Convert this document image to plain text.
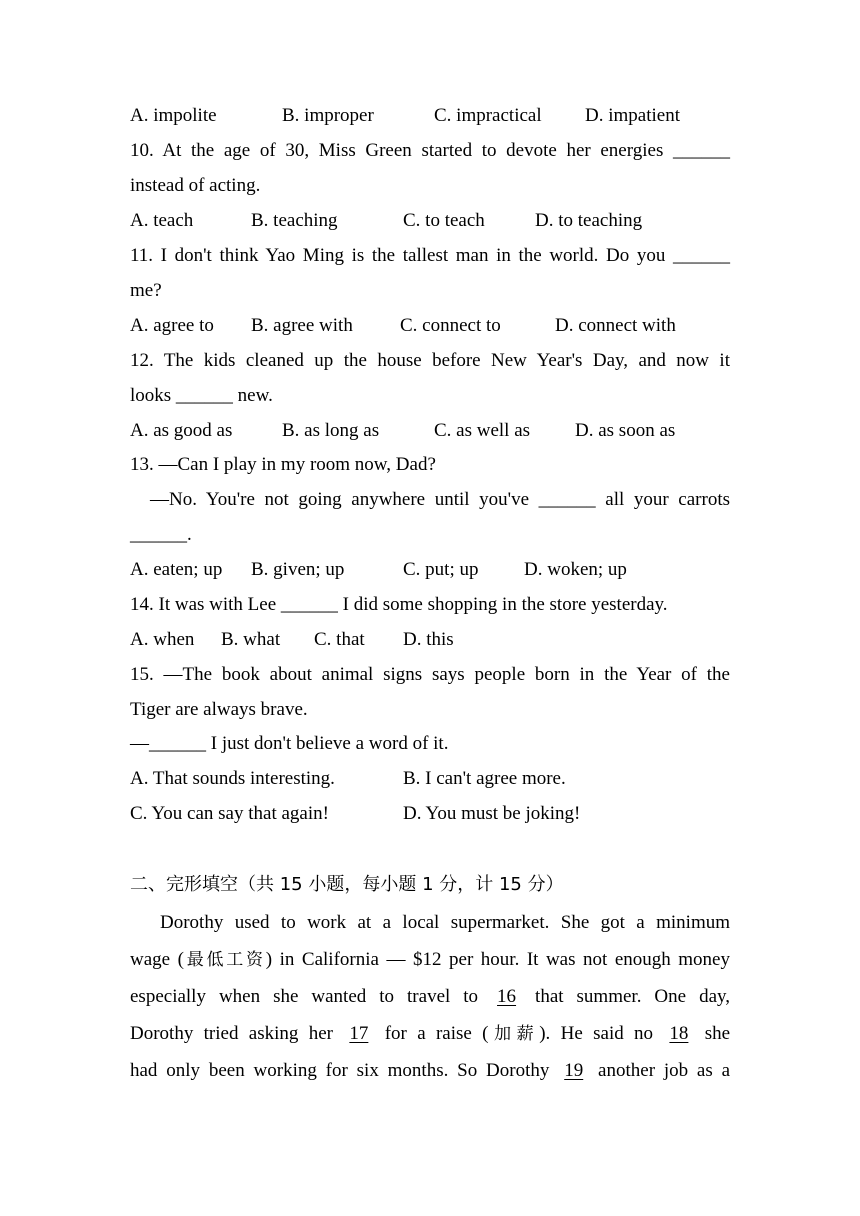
A. impolite	B. improper	C. impractical D. impatient
10. At the age of 30, Miss Green started to devote her energies ______
instead of acting.
A. teach	B. teaching	C. to teach	D. to teaching
11. I don't think Yao Ming is the tallest man in the world. Do you ______
me?
A. agree to B. agree with C. connect to	D. connect with
12. The kids cleaned up the house before New Year's Day, and now it
looks ______ new.
A. as good as	B. as long as	C. as well as D. as soon as
13. —Can I play in my room now, Dad?
—No. You're not going anywhere until you've ______ all your carrots
______.
A. eaten; up B. given; up	C. put; up D. woken; up
14. It was with Lee ______ I did some shopping in the store yesterday.
A. when B. what C. that D. this
15. —The book about animal signs says people born in the Year of the
Tiger are always brave.
—______ I just don't believe a word of it.
A. That sounds interesting.	B. I can't agree more.
C. You can say that again!	D. You must be joking!
二、完形填空（共 15 小题，每小题 1 分，计 15 分）
Dorothy used to work at a local supermarket. She got a minimum
wage (最低工资) in California — $12 per hour. It was not enough money
especially when she wanted to travel to 16 that summer. One day,
Dorothy tried asking her 17 for a raise (加薪). He said no 18 she
had only been working for six months. So Dorothy 19 another job as a
